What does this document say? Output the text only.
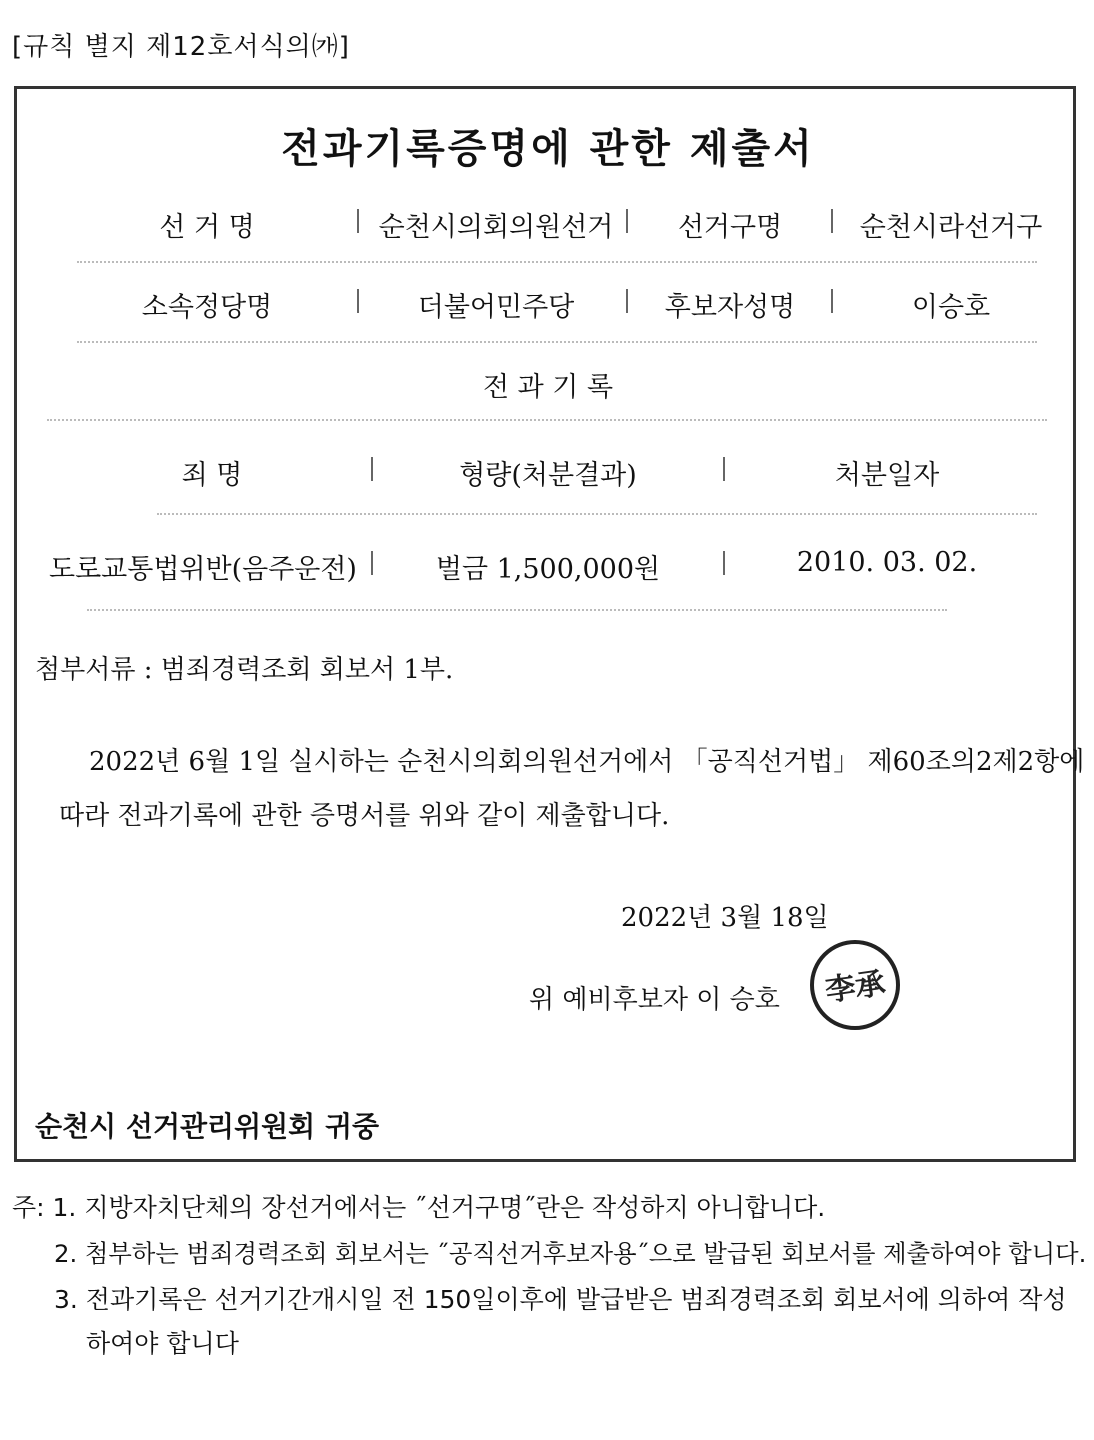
[규칙 별지 제12호서식의㈎]
전과기록증명에 관한 제출서
선 거 명	순천시의회의원선거	선거구명	순천시라선거구
소속정당명	더불어민주당	후보자성명	이승호
전 과 기 록
죄 명	형량(처분결과)	처분일자
도로교통법위반(음주운전)	벌금 1,500,000원	2010. 03. 02.
첨부서류 : 범죄경력조회 회보서 1부.
2022년 6월 1일 실시하는 순천시의회의원선거에서 「공직선거법」 제60조의2제2항에
따라 전과기록에 관한 증명서를 위와 같이 제출합니다.
2022년 3월 18일
위 예비후보자 이 승호 李承
순천시 선거관리위원회 귀중
주: 1. 지방자치단체의 장선거에서는 ˝선거구명˝란은 작성하지 아니합니다.
2. 첨부하는 범죄경력조회 회보서는 ˝공직선거후보자용˝으로 발급된 회보서를 제출하여야 합니다.
3. 전과기록은 선거기간개시일 전 150일이후에 발급받은 범죄경력조회 회보서에 의하여 작성
하여야 합니다
